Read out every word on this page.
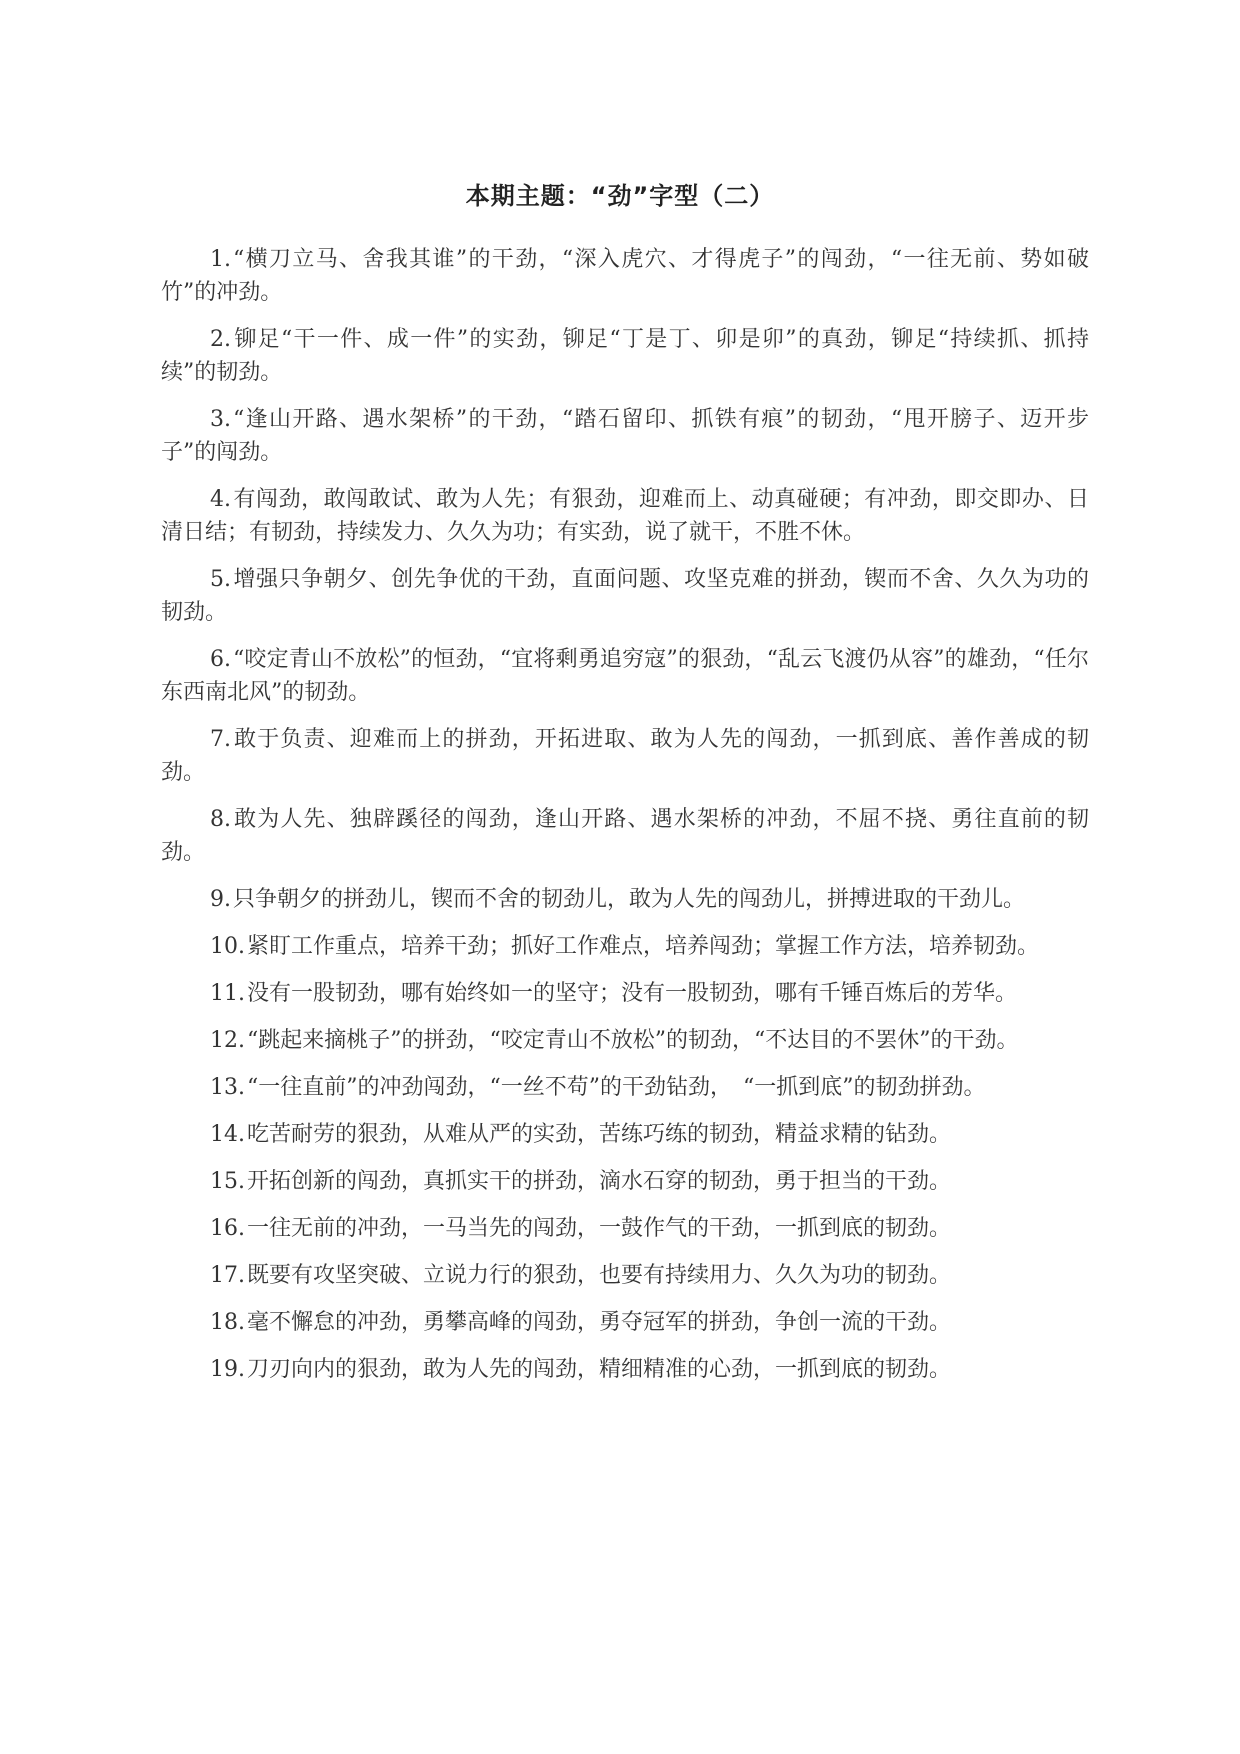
本期主题：“劲”字型（二）
1.“横刀立马、舍我其谁”的干劲，“深入虎穴、才得虎子”的闯劲，“一往无前、势如破竹”的冲劲。
2.铆足“干一件、成一件”的实劲，铆足“丁是丁、卯是卯”的真劲，铆足“持续抓、抓持续”的韧劲。
3.“逢山开路、遇水架桥”的干劲，“踏石留印、抓铁有痕”的韧劲，“甩开膀子、迈开步子”的闯劲。
4.有闯劲，敢闯敢试、敢为人先；有狠劲，迎难而上、动真碰硬；有冲劲，即交即办、日清日结；有韧劲，持续发力、久久为功；有实劲，说了就干，不胜不休。
5.增强只争朝夕、创先争优的干劲，直面问题、攻坚克难的拼劲，锲而不舍、久久为功的韧劲。
6.“咬定青山不放松”的恒劲，“宜将剩勇追穷寇”的狠劲，“乱云飞渡仍从容”的雄劲，“任尔东西南北风”的韧劲。
7.敢于负责、迎难而上的拼劲，开拓进取、敢为人先的闯劲，一抓到底、善作善成的韧劲。
8.敢为人先、独辟蹊径的闯劲，逢山开路、遇水架桥的冲劲，不屈不挠、勇往直前的韧劲。
9.只争朝夕的拼劲儿，锲而不舍的韧劲儿，敢为人先的闯劲儿，拼搏进取的干劲儿。
10.紧盯工作重点，培养干劲；抓好工作难点，培养闯劲；掌握工作方法，培养韧劲。
11.没有一股韧劲，哪有始终如一的坚守；没有一股韧劲，哪有千锤百炼后的芳华。
12.“跳起来摘桃子”的拼劲，“咬定青山不放松”的韧劲，“不达目的不罢休”的干劲。
13.“一往直前”的冲劲闯劲，“一丝不苟”的干劲钻劲，　“一抓到底”的韧劲拼劲。
14.吃苦耐劳的狠劲，从难从严的实劲，苦练巧练的韧劲，精益求精的钻劲。
15.开拓创新的闯劲，真抓实干的拼劲，滴水石穿的韧劲，勇于担当的干劲。
16.一往无前的冲劲，一马当先的闯劲，一鼓作气的干劲，一抓到底的韧劲。
17.既要有攻坚突破、立说力行的狠劲，也要有持续用力、久久为功的韧劲。
18.毫不懈怠的冲劲，勇攀高峰的闯劲，勇夺冠军的拼劲，争创一流的干劲。
19.刀刃向内的狠劲，敢为人先的闯劲，精细精准的心劲，一抓到底的韧劲。
